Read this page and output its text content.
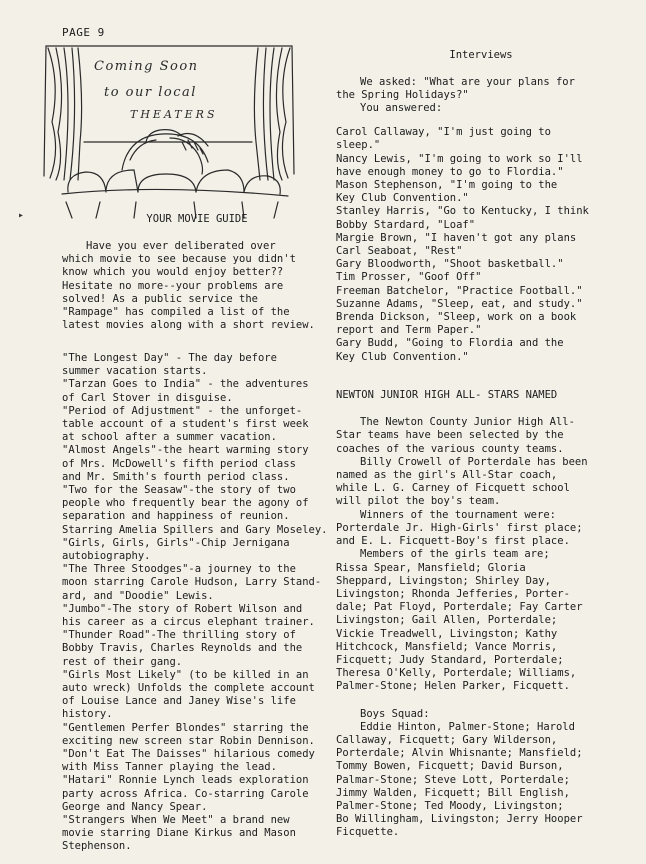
PAGE 9
▸
Coming Soon
to our local
THEATERS

YOUR MOVIE GUIDE

Have you ever deliberated over
which movie to see because you didn't
know which you would enjoy better??
Hesitate no more--your problems are
solved! As a public service the
"Rampage" has compiled a list of the
latest movies along with a short review.

"The Longest Day" - The day before
summer vacation starts.
"Tarzan Goes to India" - the adventures
of Carl Stover in disguise.
"Period of Adjustment" - the unforget-
table account of a student's first week
at school after a summer vacation.
"Almost Angels"-the heart warming story
of Mrs. McDowell's fifth period class
and Mr. Smith's fourth period class.
"Two for the Seasaw"-the story of two
people who frequently bear the agony of
separation and happiness of reunion.
Starring Amelia Spillers and Gary Moseley.
"Girls, Girls, Girls"-Chip Jernigana
autobiography.
"The Three Stoodges"-a journey to the
moon starring Carole Hudson, Larry Stand-
ard, and "Doodie" Lewis.
"Jumbo"-The story of Robert Wilson and
his career as a circus elephant trainer.
"Thunder Road"-The thrilling story of
Bobby Travis, Charles Reynolds and the
rest of their gang.
"Girls Most Likely" (to be killed in an
auto wreck) Unfolds the complete account
of Louise Lance and Janey Wise's life
history.
"Gentlemen Perfer Blondes" starring the
exciting new screen star Robin Dennison.
"Don't Eat The Daisses" hilarious comedy
with Miss Tanner playing the lead.
"Hatari" Ronnie Lynch leads exploration
party across Africa. Co-starring Carole
George and Nancy Spear.
"Strangers When We Meet" a brand new
movie starring Diane Kirkus and Mason
Stephenson.

Interviews

We asked: "What are your plans for
the Spring Holidays?"

You answered:

Carol Callaway, "I'm just going to
sleep."
Nancy Lewis, "I'm going to work so I'll
have enough money to go to Flordia."
Mason Stephenson, "I'm going to the
Key Club Convention."
Stanley Harris, "Go to Kentucky, I think
Bobby Stardard, "Loaf"
Margie Brown, "I haven't got any plans
Carl Seaboat, "Rest"
Gary Bloodworth, "Shoot basketball."
Tim Prosser, "Goof Off"
Freeman Batchelor, "Practice Football."
Suzanne Adams, "Sleep, eat, and study."
Brenda Dickson, "Sleep, work on a book
report and Term Paper."
Gary Budd, "Going to Flordia and the
Key Club Convention."

NEWTON JUNIOR HIGH ALL- STARS NAMED

The Newton County Junior High All-
Star teams have been selected by the
coaches of the various county teams.

Billy Crowell of Porterdale has been
named as the girl's All-Star coach,
while L. G. Carney of Ficquett school
will pilot the boy's team.

Winners of the tournament were:
Porterdale Jr. High-Girls' first place;
and E. L. Ficquett-Boy's first place.

Members of the girls team are;
Rissa Spear, Mansfield; Gloria
Sheppard, Livingston; Shirley Day,
Livingston; Rhonda Jefferies, Porter-
dale; Pat Floyd, Porterdale; Fay Carter
Livingston; Gail Allen, Porterdale;
Vickie Treadwell, Livingston; Kathy
Hitchcock, Mansfield; Vance Morris,
Ficquett; Judy Standard, Porterdale;
Theresa O'Kelly, Porterdale; Williams,
Palmer-Stone; Helen Parker, Ficquett.

Boys Squad:

Eddie Hinton, Palmer-Stone; Harold
Callaway, Ficquett; Gary Wilderson,
Porterdale; Alvin Whisnante; Mansfield;
Tommy Bowen, Ficquett; David Burson,
Palmar-Stone; Steve Lott, Porterdale;
Jimmy Walden, Ficquett; Bill English,
Palmer-Stone; Ted Moody, Livingston;
Bo Willingham, Livingston; Jerry Hooper
Ficquette.
